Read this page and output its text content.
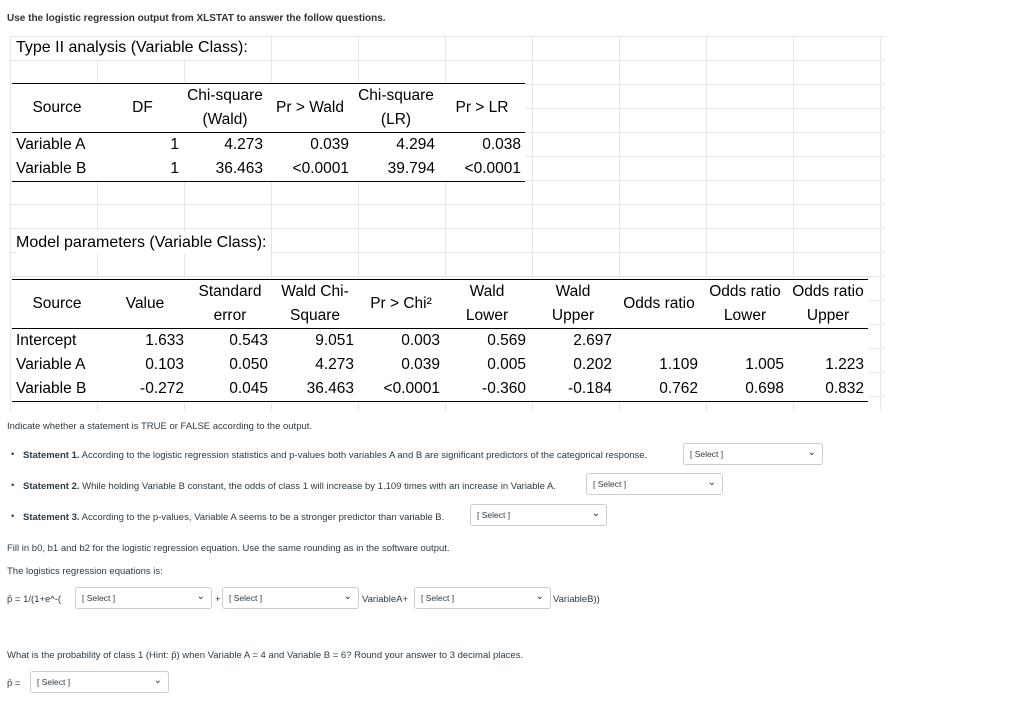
Use the logistic regression output from XLSTAT to answer the follow questions.
Type II analysis (Variable Class):
Source	DF	Chi-square (Wald)	Pr > Wald	Chi-square (LR)	Pr > LR
Variable A	1	4.273	0.039	4.294	0.038
Variable B	1	36.463	<0.0001	39.794	<0.0001
Model parameters (Variable Class):
Source	Value	Standard error	Wald Chi-Square	Pr > Chi²	Wald Lower	Wald Upper	Odds ratio	Odds ratio Lower	Odds ratio Upper
Intercept	1.633	0.543	9.051	0.003	0.569	2.697			
Variable A	0.103	0.050	4.273	0.039	0.005	0.202	1.109	1.005	1.223
Variable B	-0.272	0.045	36.463	<0.0001	-0.360	-0.184	0.762	0.698	0.832
Indicate whether a statement is TRUE or FALSE according to the output.
• Statement 1. According to the logistic regression statistics and p-values both variables A and B are significant predictors of the categorical response.	[ Select ]	⌄
• Statement 2. While holding Variable B constant, the odds of class 1 will increase by 1.109 times with an increase in Variable A.	[ Select ]	⌄
• Statement 3. According to the p-values, Variable A seems to be a stronger predictor than variable B.	[ Select ]	⌄
Fill in b0, b1 and b2 for the logistic regression equation. Use the same rounding as in the software output.
The logistics regression equations is:
p̂ = 1/(1+e^-( [ Select ]	⌄ + [ Select ]	⌄ VariableA+ [ Select ]	⌄ VariableB))
What is the probability of class 1 (Hint: p̂) when Variable A = 4 and Variable B = 6? Round your answer to 3 decimal places.
p̂ = [ Select ]	⌄
